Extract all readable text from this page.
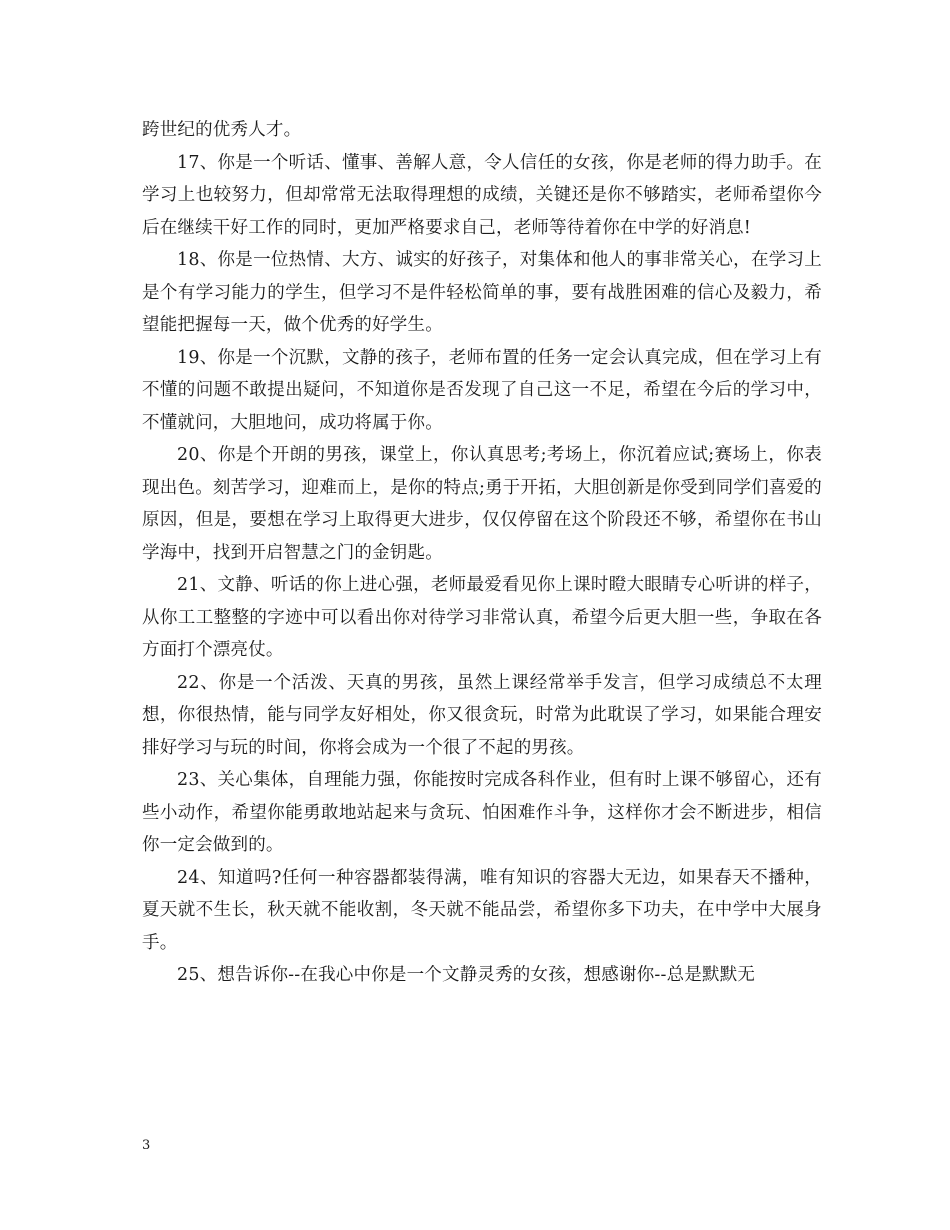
跨世纪的优秀人才。

17、你是一个听话、懂事、善解人意，令人信任的女孩，你是老师的得力助手。在学习上也较努力，但却常常无法取得理想的成绩，关键还是你不够踏实，老师希望你今后在继续干好工作的同时，更加严格要求自己，老师等待着你在中学的好消息!

18、你是一位热情、大方、诚实的好孩子，对集体和他人的事非常关心，在学习上是个有学习能力的学生，但学习不是件轻松简单的事，要有战胜困难的信心及毅力，希望能把握每一天，做个优秀的好学生。

19、你是一个沉默，文静的孩子，老师布置的任务一定会认真完成，但在学习上有不懂的问题不敢提出疑问，不知道你是否发现了自己这一不足，希望在今后的学习中，不懂就问，大胆地问，成功将属于你。

20、你是个开朗的男孩，课堂上，你认真思考;考场上，你沉着应试;赛场上，你表现出色。刻苦学习，迎难而上，是你的特点;勇于开拓，大胆创新是你受到同学们喜爱的原因，但是，要想在学习上取得更大进步，仅仅停留在这个阶段还不够，希望你在书山学海中，找到开启智慧之门的金钥匙。

21、文静、听话的你上进心强，老师最爱看见你上课时瞪大眼睛专心听讲的样子，从你工工整整的字迹中可以看出你对待学习非常认真，希望今后更大胆一些，争取在各方面打个漂亮仗。

22、你是一个活泼、天真的男孩，虽然上课经常举手发言，但学习成绩总不太理想，你很热情，能与同学友好相处，你又很贪玩，时常为此耽误了学习，如果能合理安排好学习与玩的时间，你将会成为一个很了不起的男孩。

23、关心集体，自理能力强，你能按时完成各科作业，但有时上课不够留心，还有些小动作，希望你能勇敢地站起来与贪玩、怕困难作斗争，这样你才会不断进步，相信你一定会做到的。

24、知道吗?任何一种容器都装得满，唯有知识的容器大无边，如果春天不播种，夏天就不生长，秋天就不能收割，冬天就不能品尝，希望你多下功夫，在中学中大展身手。

25、想告诉你--在我心中你是一个文静灵秀的女孩，想感谢你--总是默默无

3
